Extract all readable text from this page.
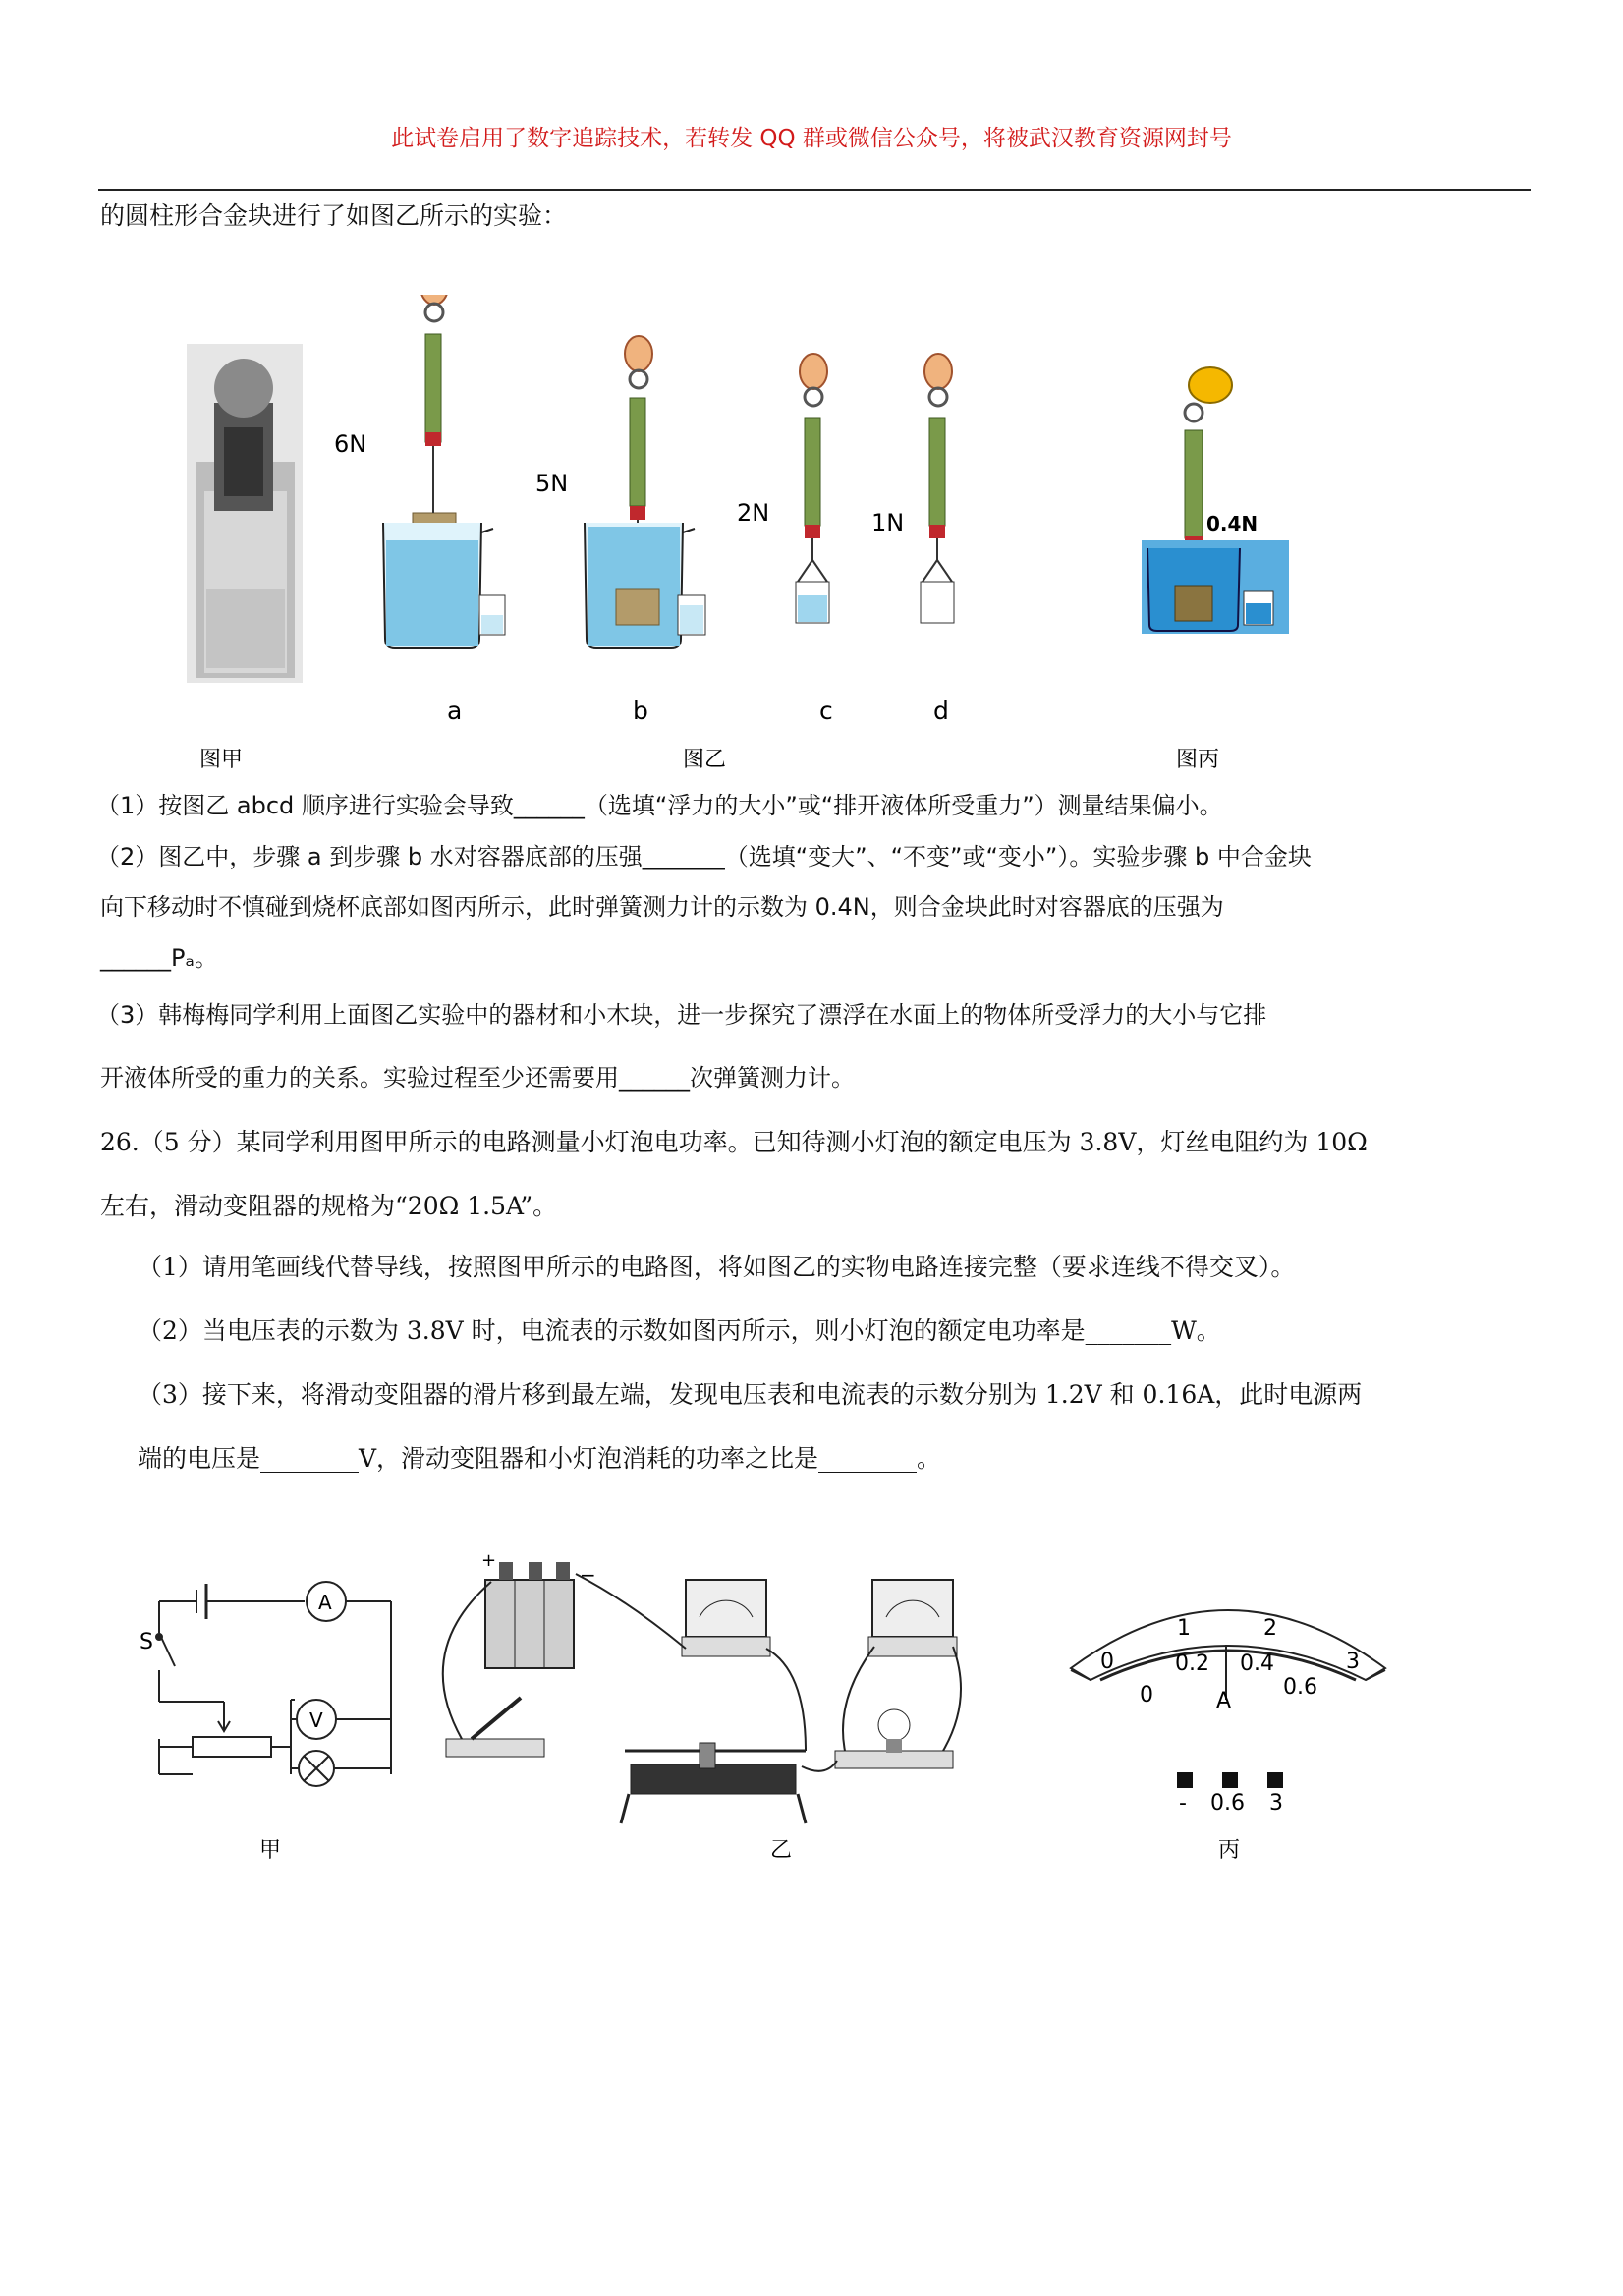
此试卷启用了数字追踪技术，若转发 QQ 群或微信公众号，将被武汉教育资源网封号
的圆柱形合金块进行了如图乙所示的实验：
6N
5N
2N	1N	0.4N
a	b	c	d
图甲	图乙	图丙
（1）按图乙 abcd 顺序进行实验会导致______（选填“浮力的大小”或“排开液体所受重力”）测量结果偏小。
（2）图乙中，步骤 a 到步骤 b 水对容器底部的压强_______（选填“变大”、“不变”或“变小”）。实验步骤 b 中合金块
向下移动时不慎碰到烧杯底部如图丙所示，此时弹簧测力计的示数为 0.4N，则合金块此时对容器底的压强为
______Pₐ。
（3）韩梅梅同学利用上面图乙实验中的器材和小木块，进一步探究了漂浮在水面上的物体所受浮力的大小与它排
开液体所受的重力的关系。实验过程至少还需要用______次弹簧测力计。
26.（5 分）某同学利用图甲所示的电路测量小灯泡电功率。已知待测小灯泡的额定电压为 3.8V，灯丝电阻约为 10Ω
左右，滑动变阻器的规格为“20Ω 1.5A”。
（1）请用笔画线代替导线，按照图甲所示的电路图，将如图乙的实物电路连接完整（要求连线不得交叉）。
（2）当电压表的示数为 3.8V 时，电流表的示数如图丙所示，则小灯泡的额定电功率是_______W。
（3）接下来，将滑动变阻器的滑片移到最左端，发现电压表和电流表的示数分别为 1.2V 和 0.16A，此时电源两
端的电压是________V，滑动变阻器和小灯泡消耗的功率之比是________。
S
A
V
+
−
0
1	2
3
0
0.2 0.4
0.6
A
- 0.6 3
甲	乙	丙
